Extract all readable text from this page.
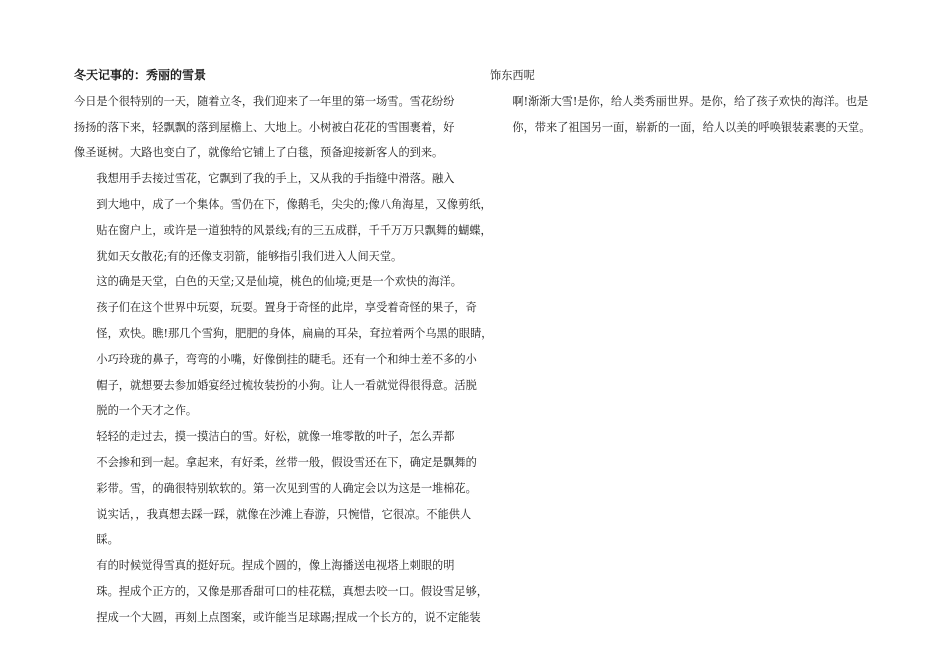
冬天记事的：秀丽的雪景

今日是个很特别的一天，随着立冬，我们迎来了一年里的第一场雪。雪花纷纷
扬扬的落下来，轻飘飘的落到屋檐上、大地上。小树被白花花的雪围裹着，好
像圣诞树。大路也变白了，就像给它铺上了白毯，预备迎接新客人的到来。

我想用手去接过雪花，它飘到了我的手上，又从我的手指缝中滑落。融入
到大地中，成了一个集体。雪仍在下，像鹅毛，尖尖的;像八角海星，又像剪纸，
贴在窗户上，或许是一道独特的风景线;有的三五成群，千千万万只飘舞的蝴蝶，
犹如天女散花;有的还像支羽箭，能够指引我们进入人间天堂。

这的确是天堂，白色的天堂;又是仙境，桃色的仙境;更是一个欢快的海洋。
孩子们在这个世界中玩耍，玩耍。置身于奇怪的此岸，享受着奇怪的果子，奇
怪，欢快。瞧!那几个雪狗，肥肥的身体，扁扁的耳朵，耷拉着两个乌黑的眼睛，
小巧玲珑的鼻子，弯弯的小嘴，好像倒挂的睫毛。还有一个和绅士差不多的小
帽子，就想要去参加婚宴经过梳妆装扮的小狗。让人一看就觉得很得意。活脱
脱的一个天才之作。

轻轻的走过去，摸一摸洁白的雪。好松，就像一堆零散的叶子，怎么弄都
不会掺和到一起。拿起来，有好柔，丝带一般，假设雪还在下，确定是飘舞的
彩带。雪，的确很特别软软的。第一次见到雪的人确定会以为这是一堆棉花。
说实话，，我真想去踩一踩，就像在沙滩上春游，只惋惜，它很凉。不能供人
睬。

有的时候觉得雪真的挺好玩。捏成个圆的，像上海播送电视塔上刺眼的明
珠。捏成个正方的，又像是那香甜可口的桂花糕，真想去咬一口。假设雪足够，
捏成一个大圆，再刻上点图案，或许能当足球踢;捏成一个长方的，说不定能装

饰东西呢

啊!渐渐大雪!是你，给人类秀丽世界。是你，给了孩子欢快的海洋。也是
你，带来了祖国另一面，崭新的一面，给人以美的呼唤银装素裹的天堂。
